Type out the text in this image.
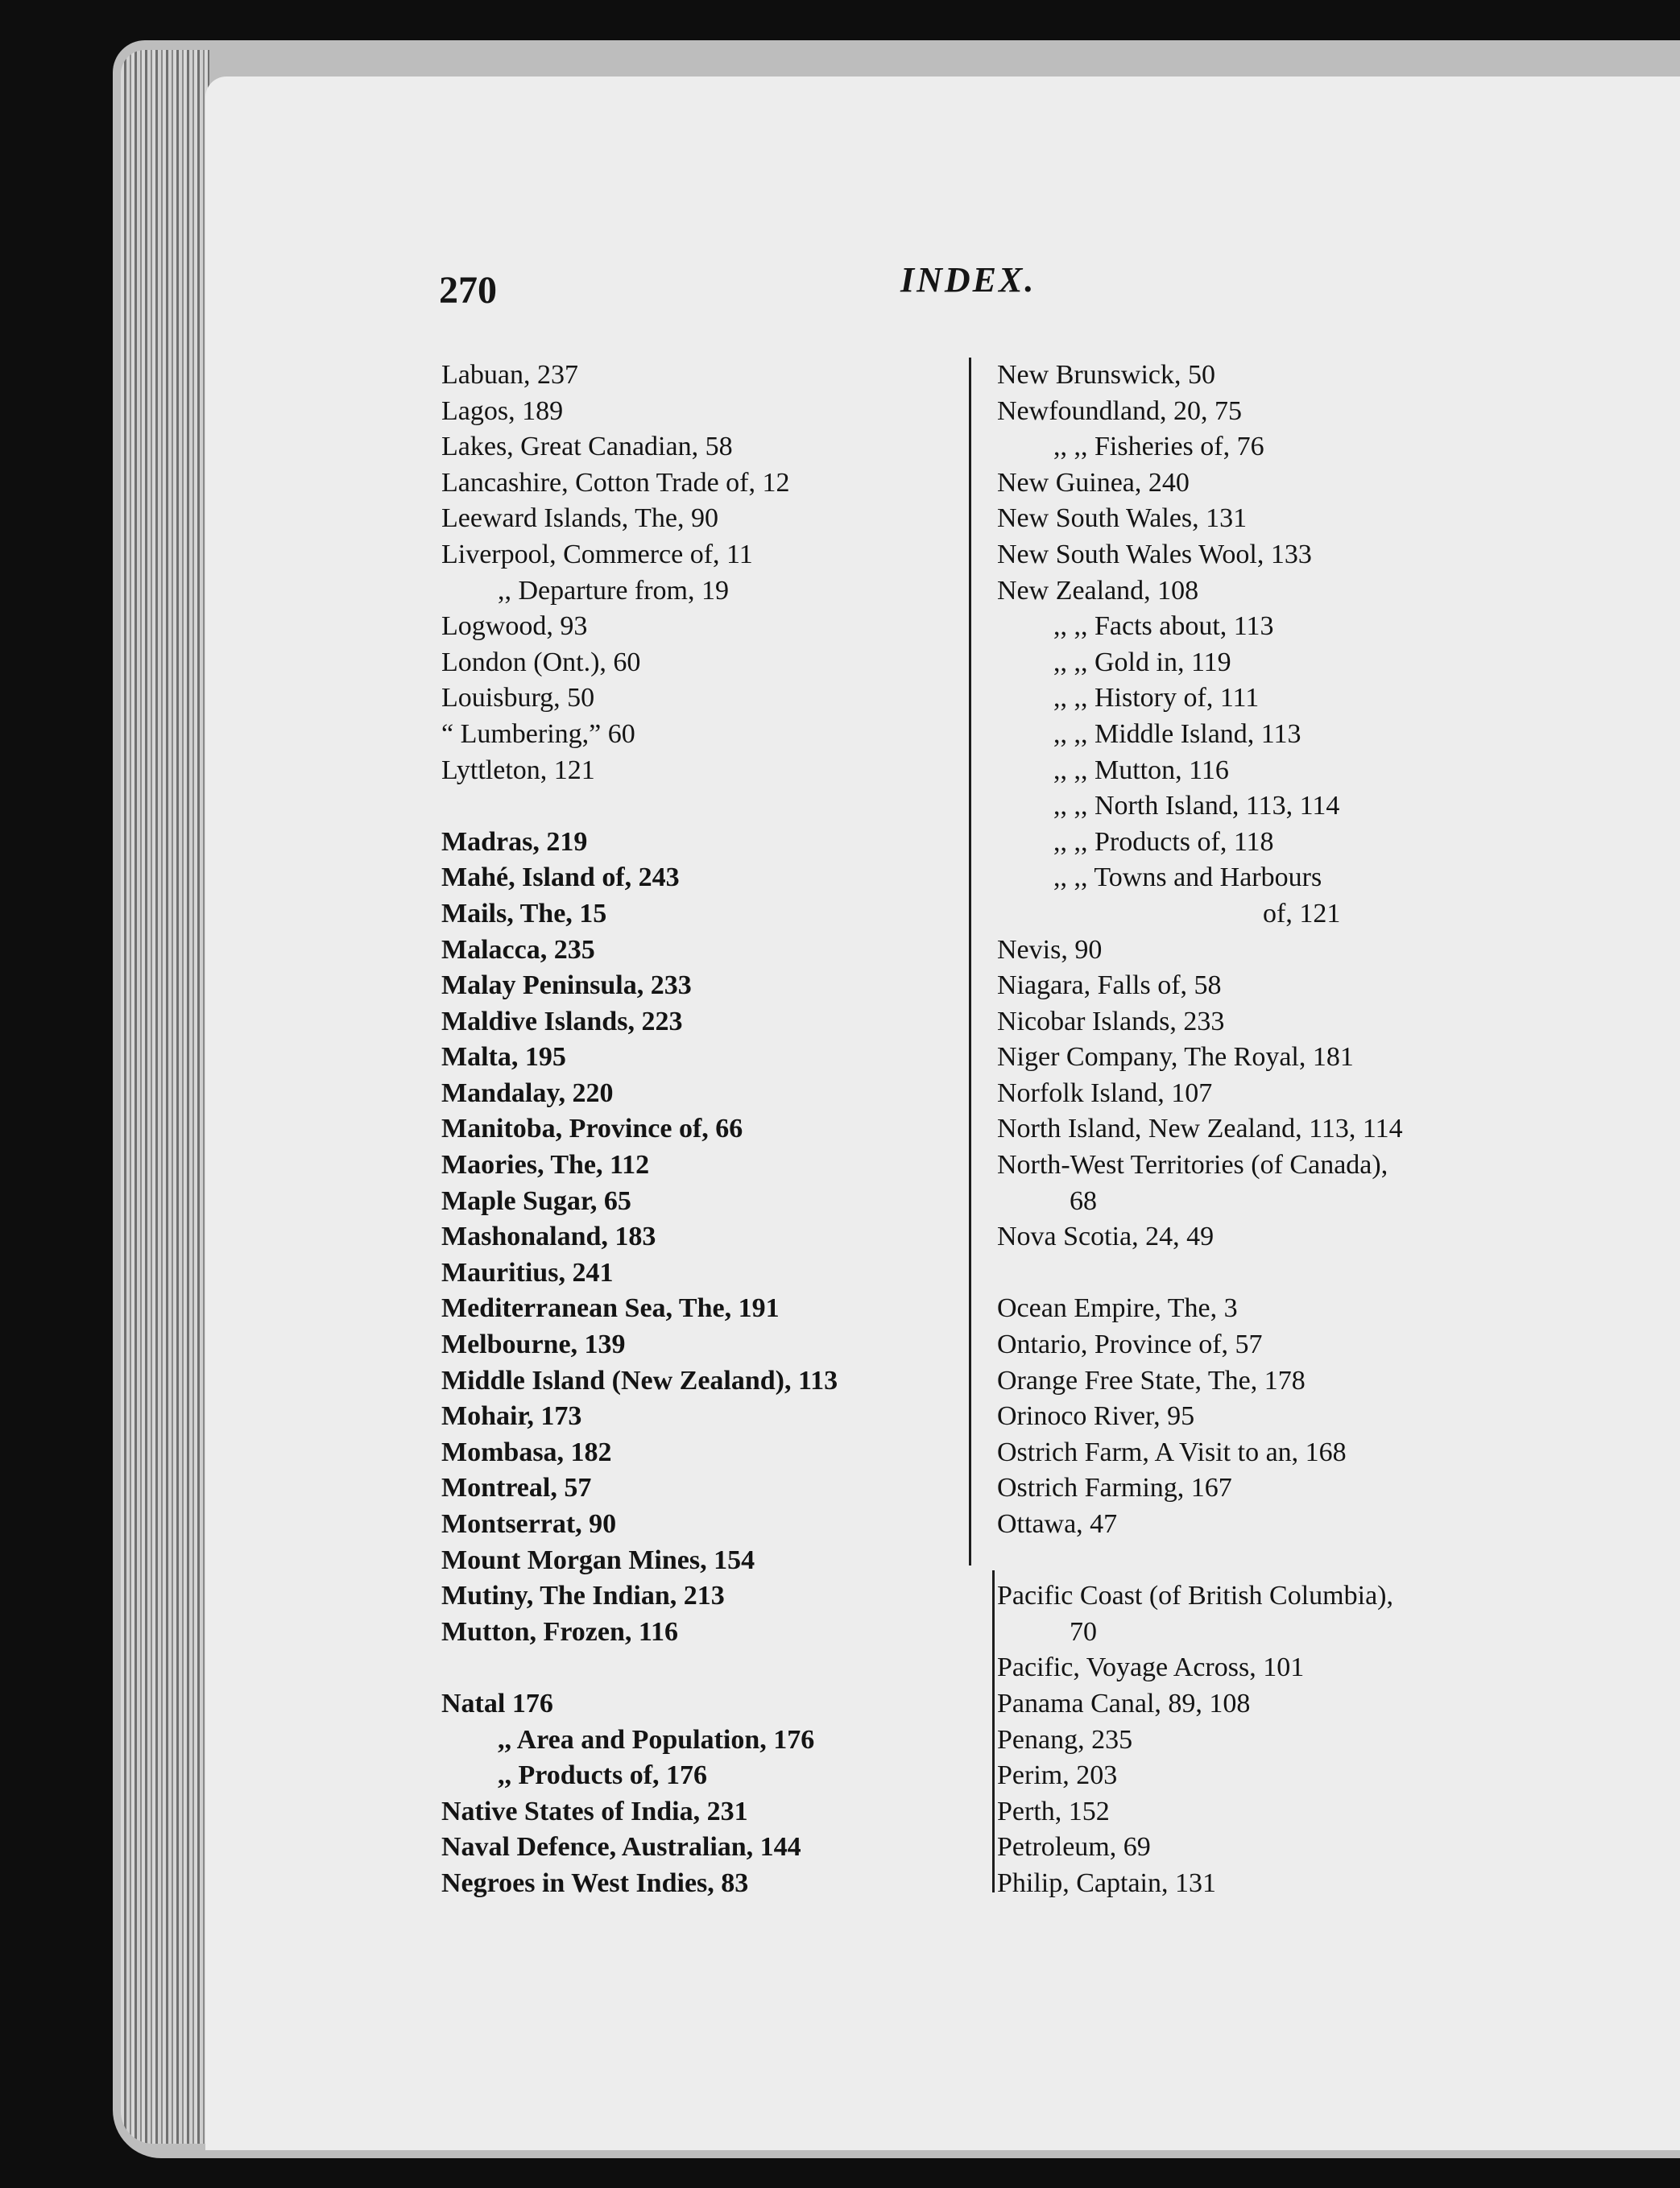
270	INDEX.
Labuan, 237
Lagos, 189
Lakes, Great Canadian, 58
Lancashire, Cotton Trade of, 12
Leeward Islands, The, 90
Liverpool, Commerce of, 11
,, Departure from, 19
Logwood, 93
London (Ont.), 60
Louisburg, 50
“ Lumbering,” 60
Lyttleton, 121
Madras, 219
Mahé, Island of, 243
Mails, The, 15
Malacca, 235
Malay Peninsula, 233
Maldive Islands, 223
Malta, 195
Mandalay, 220
Manitoba, Province of, 66
Maories, The, 112
Maple Sugar, 65
Mashonaland, 183
Mauritius, 241
Mediterranean Sea, The, 191
Melbourne, 139
Middle Island (New Zealand), 113
Mohair, 173
Mombasa, 182
Montreal, 57
Montserrat, 90
Mount Morgan Mines, 154
Mutiny, The Indian, 213
Mutton, Frozen, 116
Natal 176
,, Area and Population, 176
,, Products of, 176
Native States of India, 231
Naval Defence, Australian, 144
Negroes in West Indies, 83
New Brunswick, 50
Newfoundland, 20, 75
,, ,, Fisheries of, 76
New Guinea, 240
New South Wales, 131
New South Wales Wool, 133
New Zealand, 108
,, ,, Facts about, 113
,, ,, Gold in, 119
,, ,, History of, 111
,, ,, Middle Island, 113
,, ,, Mutton, 116
,, ,, North Island, 113, 114
,, ,, Products of, 118
,, ,, Towns and Harbours
of, 121
Nevis, 90
Niagara, Falls of, 58
Nicobar Islands, 233
Niger Company, The Royal, 181
Norfolk Island, 107
North Island, New Zealand, 113, 114
North-West Territories (of Canada),
68
Nova Scotia, 24, 49
Ocean Empire, The, 3
Ontario, Province of, 57
Orange Free State, The, 178
Orinoco River, 95
Ostrich Farm, A Visit to an, 168
Ostrich Farming, 167
Ottawa, 47
Pacific Coast (of British Columbia),
70
Pacific, Voyage Across, 101
Panama Canal, 89, 108
Penang, 235
Perim, 203
Perth, 152
Petroleum, 69
Philip, Captain, 131
